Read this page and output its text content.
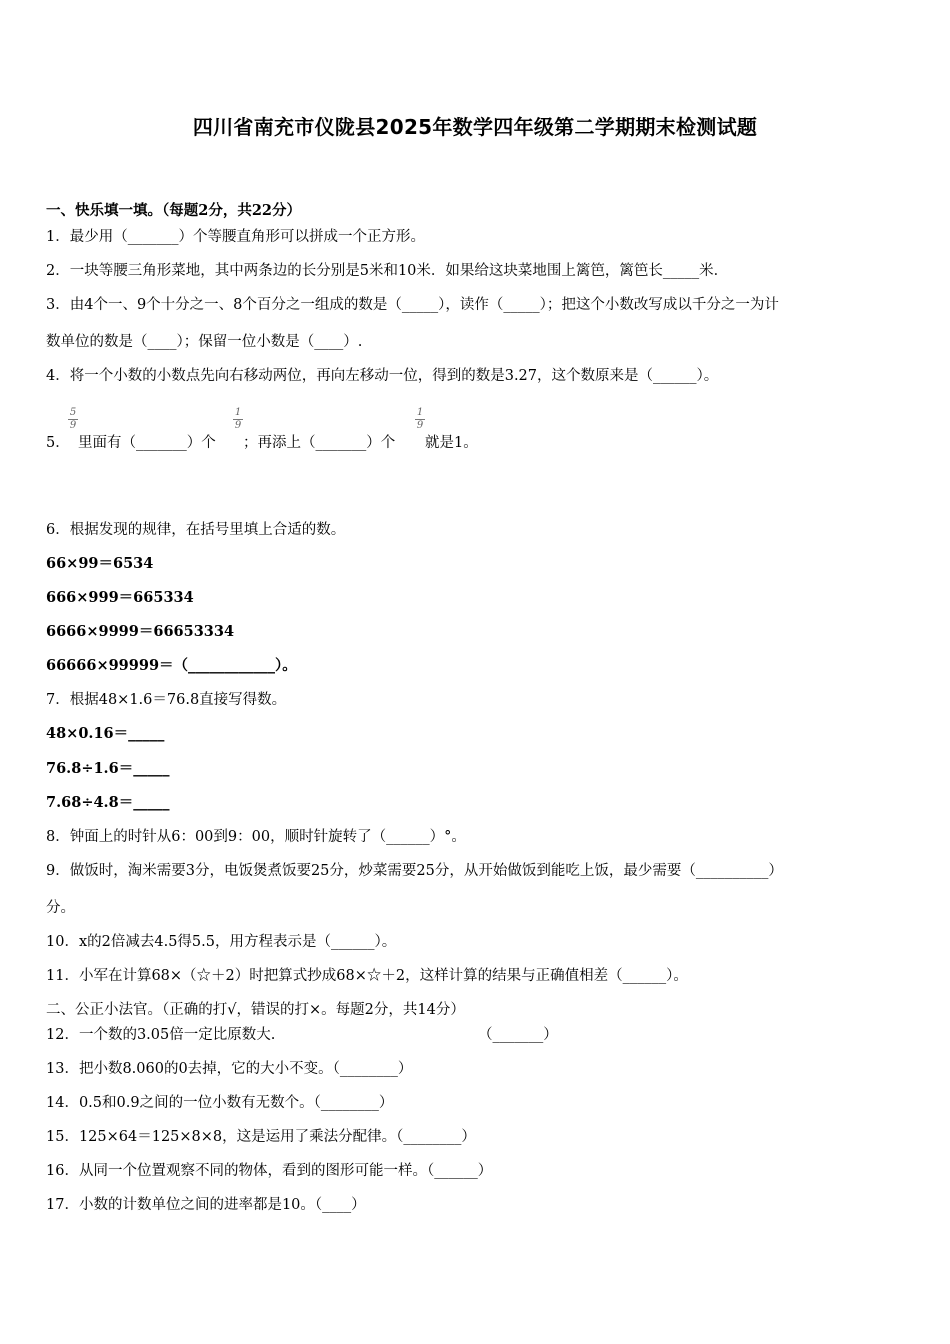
四川省南充市仪陇县2025年数学四年级第二学期期末检测试题
一、快乐填一填。（每题2分，共22分）
1．最少用（_______）个等腰直角形可以拼成一个正方形。
2．一块等腰三角形菜地，其中两条边的长分别是5米和10米．如果给这块菜地围上篱笆，篱笆长_____米．
3．由4个一、9个十分之一、8个百分之一组成的数是（_____），读作（_____）；把这个小数改写成以千分之一为计
数单位的数是（____）；保留一位小数是（____）.
4．将一个小数的小数点先向右移动两位，再向左移动一位，得到的数是3.27，这个数原来是（______）。
5．
5
9
里面有（_______）个
1
9
；再添上（_______）个
1
9
就是1。
6．根据发现的规律，在括号里填上合适的数。
66×99＝6534
666×999＝665334
6666×9999＝66653334
66666×99999＝（____________）。
7．根据48×1.6＝76.8直接写得数。
48×0.16＝_____
76.8÷1.6＝_____
7.68÷4.8＝_____
8．钟面上的时针从6：00到9：00，顺时针旋转了（______）°。
9．做饭时，淘米需要3分，电饭煲煮饭要25分，炒菜需要25分，从开始做饭到能吃上饭，最少需要（__________）
分。
10．x的2倍减去4.5得5.5，用方程表示是（______）。
11．小军在计算68×（☆＋2）时把算式抄成68×☆＋2，这样计算的结果与正确值相差（______）。
二、公正小法官。（正确的打√，错误的打×。每题2分，共14分）
12．一个数的3.05倍一定比原数大.	（_______）
13．把小数8.060的0去掉，它的大小不变。（________）
14．0.5和0.9之间的一位小数有无数个。（________）
15．125×64＝125×8×8，这是运用了乘法分配律。（________）
16．从同一个位置观察不同的物体，看到的图形可能一样。（______）
17．小数的计数单位之间的进率都是10。（____）
